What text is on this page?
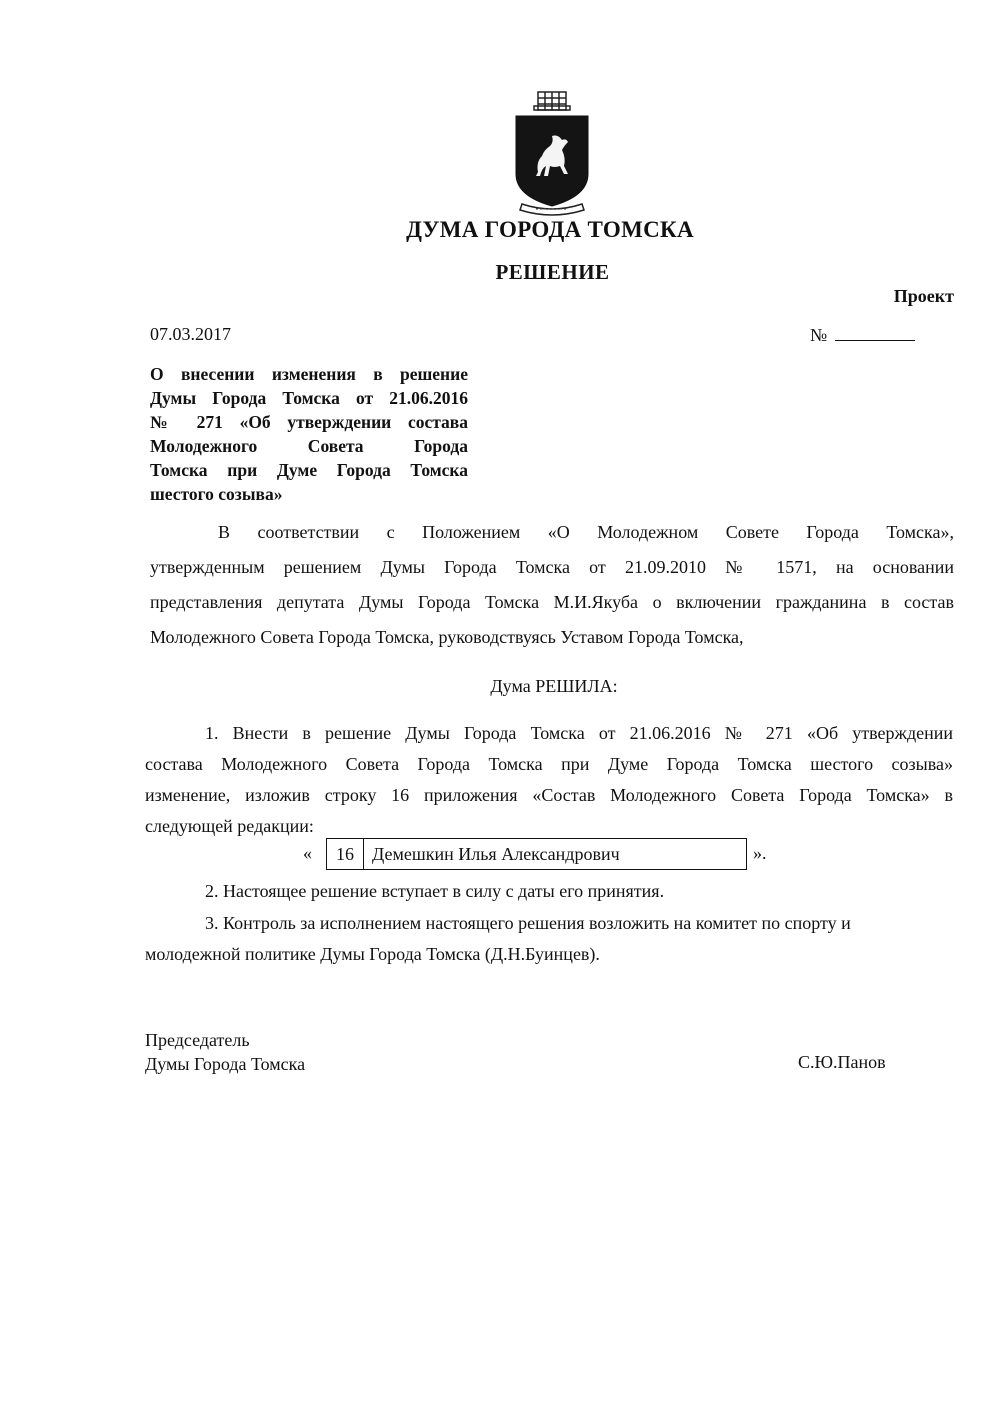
ДУМА ГОРОДА ТОМСКА
РЕШЕНИЕ
Проект
07.03.2017	№
О внесении изменения в решение
Думы Города Томска от 21.06.2016
№ 271 «Об утверждении состава
Молодежного Совета Города
Томска при Думе Города Томска
шестого созыва»
В соответствии с Положением «О Молодежном Совете Города Томска»,
утвержденным решением Думы Города Томска от 21.09.2010 № 1571, на основании
представления депутата Думы Города Томска М.И.Якуба о включении гражданина в состав
Молодежного Совета Города Томска, руководствуясь Уставом Города Томска,
Дума РЕШИЛА:
1. Внести в решение Думы Города Томска от 21.06.2016 № 271 «Об утверждении
состава Молодежного Совета Города Томска при Думе Города Томска шестого созыва»
изменение, изложив строку 16 приложения «Состав Молодежного Совета Города Томска» в
следующей редакции:
« 16	Демешкин Илья Александрович	».
2. Настоящее решение вступает в силу с даты его принятия.
3. Контроль за исполнением настоящего решения возложить на комитет по спорту и
молодежной политике Думы Города Томска (Д.Н.Буинцев).
Председатель
Думы Города Томска	С.Ю.Панов
